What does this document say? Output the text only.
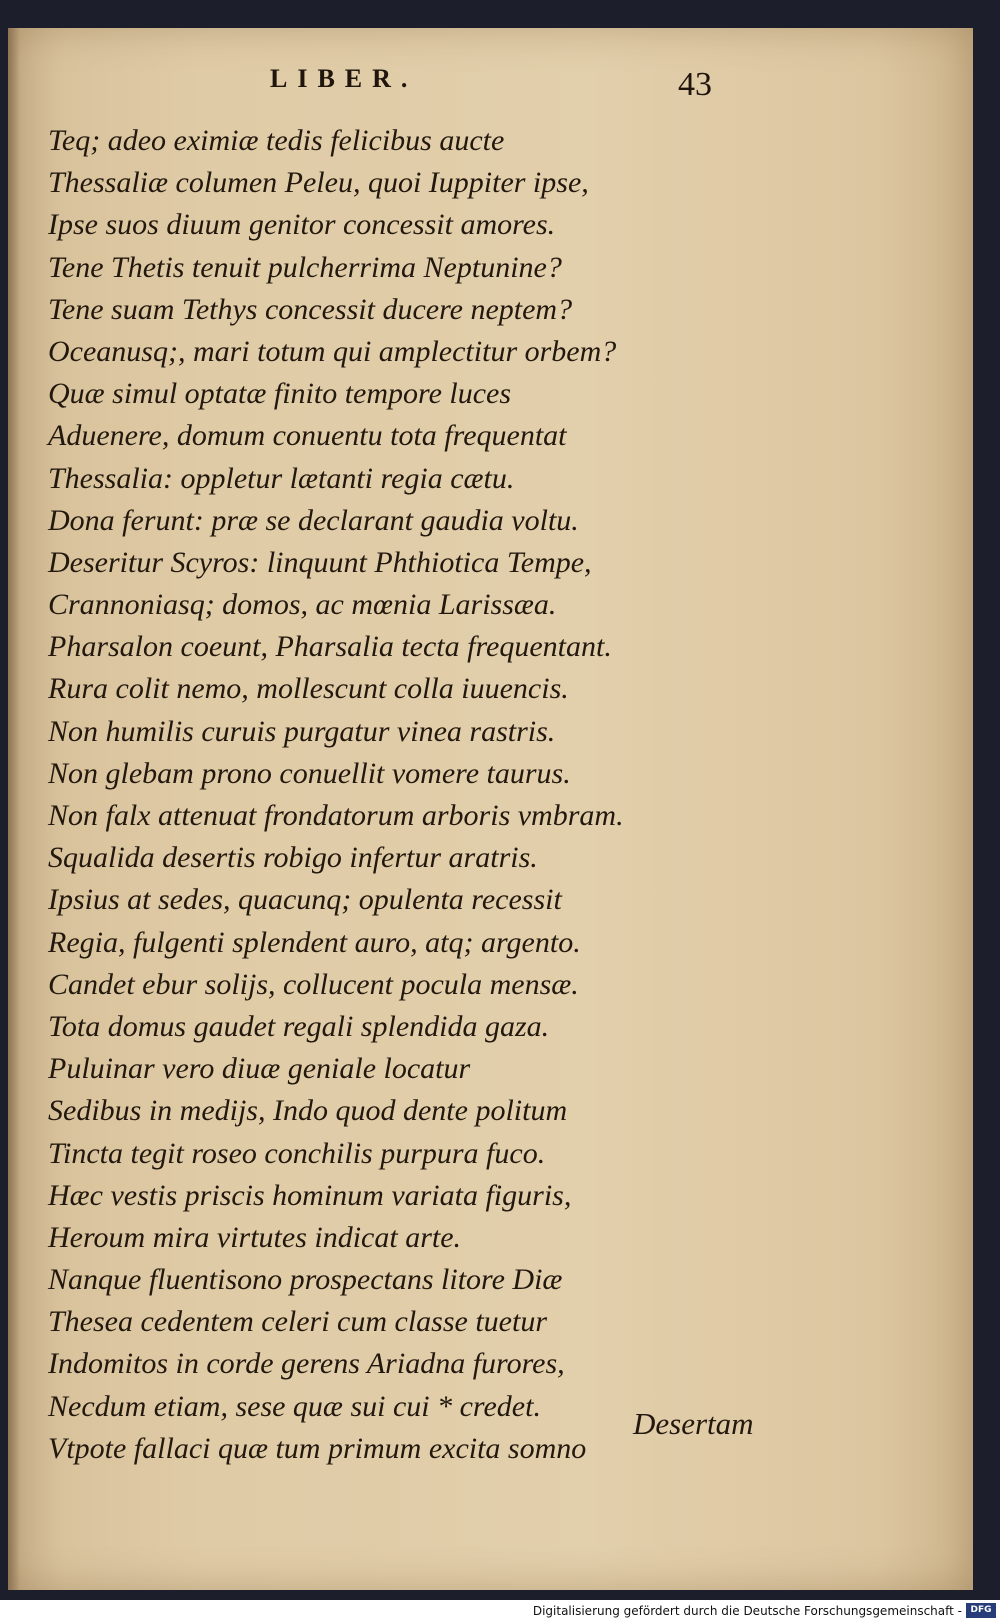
LIBER.	43
Teq; adeo eximiæ tedis felicibus aucte
Thessaliæ columen Peleu, quoi Iuppiter ipse,
Ipse suos diuum genitor concessit amores.
Tene Thetis tenuit pulcherrima Neptunine?
Tene suam Tethys concessit ducere neptem?
Oceanusq;, mari totum qui amplectitur orbem?
Quæ simul optatæ finito tempore luces
Aduenere, domum conuentu tota frequentat
Thessalia: oppletur lætanti regia cætu.
Dona ferunt: præ se declarant gaudia voltu.
Deseritur Scyros: linquunt Phthiotica Tempe,
Crannoniasq; domos, ac mœnia Larissæa.
Pharsalon coeunt, Pharsalia tecta frequentant.
Rura colit nemo, mollescunt colla iuuencis.
Non humilis curuis purgatur vinea rastris.
Non glebam prono conuellit vomere taurus.
Non falx attenuat frondatorum arboris vmbram.
Squalida desertis robigo infertur aratris.
Ipsius at sedes, quacunq; opulenta recessit
Regia, fulgenti splendent auro, atq; argento.
Candet ebur solijs, collucent pocula mensæ.
Tota domus gaudet regali splendida gaza.
Puluinar vero diuæ geniale locatur
Sedibus in medijs, Indo quod dente politum
Tincta tegit roseo conchilis purpura fuco.
Hæc vestis priscis hominum variata figuris,
Heroum mira virtutes indicat arte.
Nanque fluentisono prospectans litore Diæ
Thesea cedentem celeri cum classe tuetur
Indomitos in corde gerens Ariadna furores,
Necdum etiam, sese quæ sui cui * credet.
Vtpote fallaci quæ tum primum excita somno
Desertam
Digitalisierung gefördert durch die Deutsche Forschungsgemeinschaft - DFG
